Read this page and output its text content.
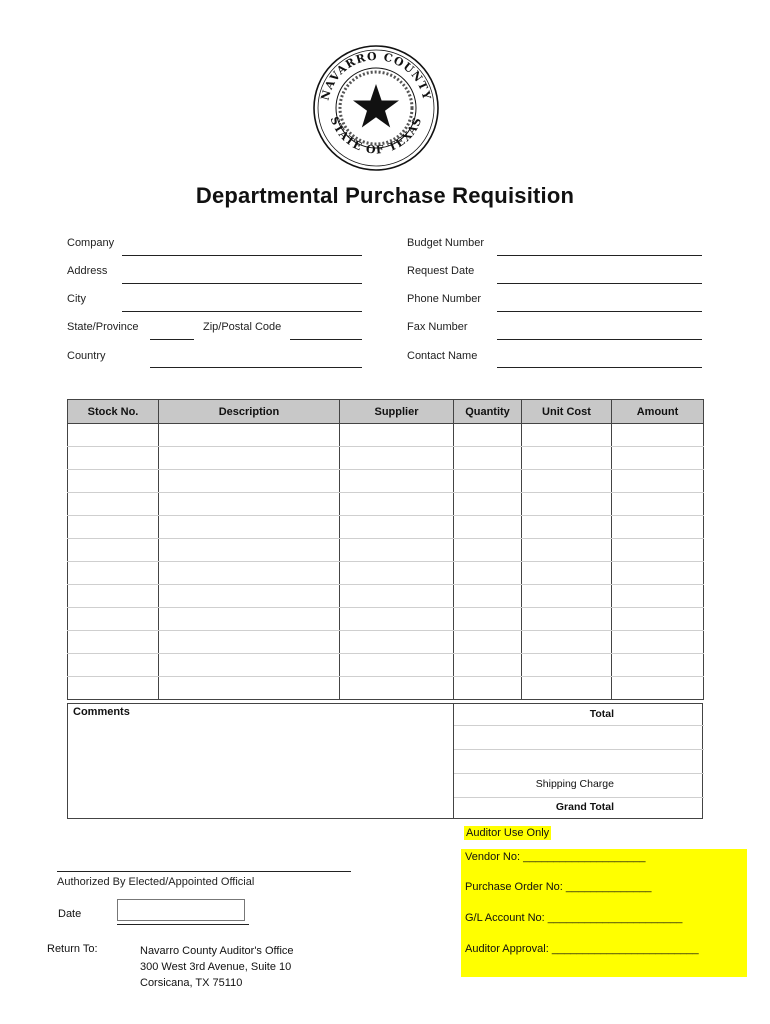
NAVARRO COUNTY
STATE OF TEXAS
Departmental Purchase Requisition
Company
Address
City
State/Province	Zip/Postal Code
Country
Budget Number
Request Date
Phone Number
Fax Number
Contact Name
Stock No.	Description	Supplier	Quantity	Unit Cost	Amount

Comments	Total
Shipping Charge
Grand Total
Auditor Use Only
Vendor No: ____________________
Purchase Order No: ______________
G/L Account No: ______________________
Auditor Approval: ________________________
Authorized By Elected/Appointed Official
Date
Return To:	Navarro County Auditor's Office
300 West 3rd Avenue, Suite 10
Corsicana, TX 75110
